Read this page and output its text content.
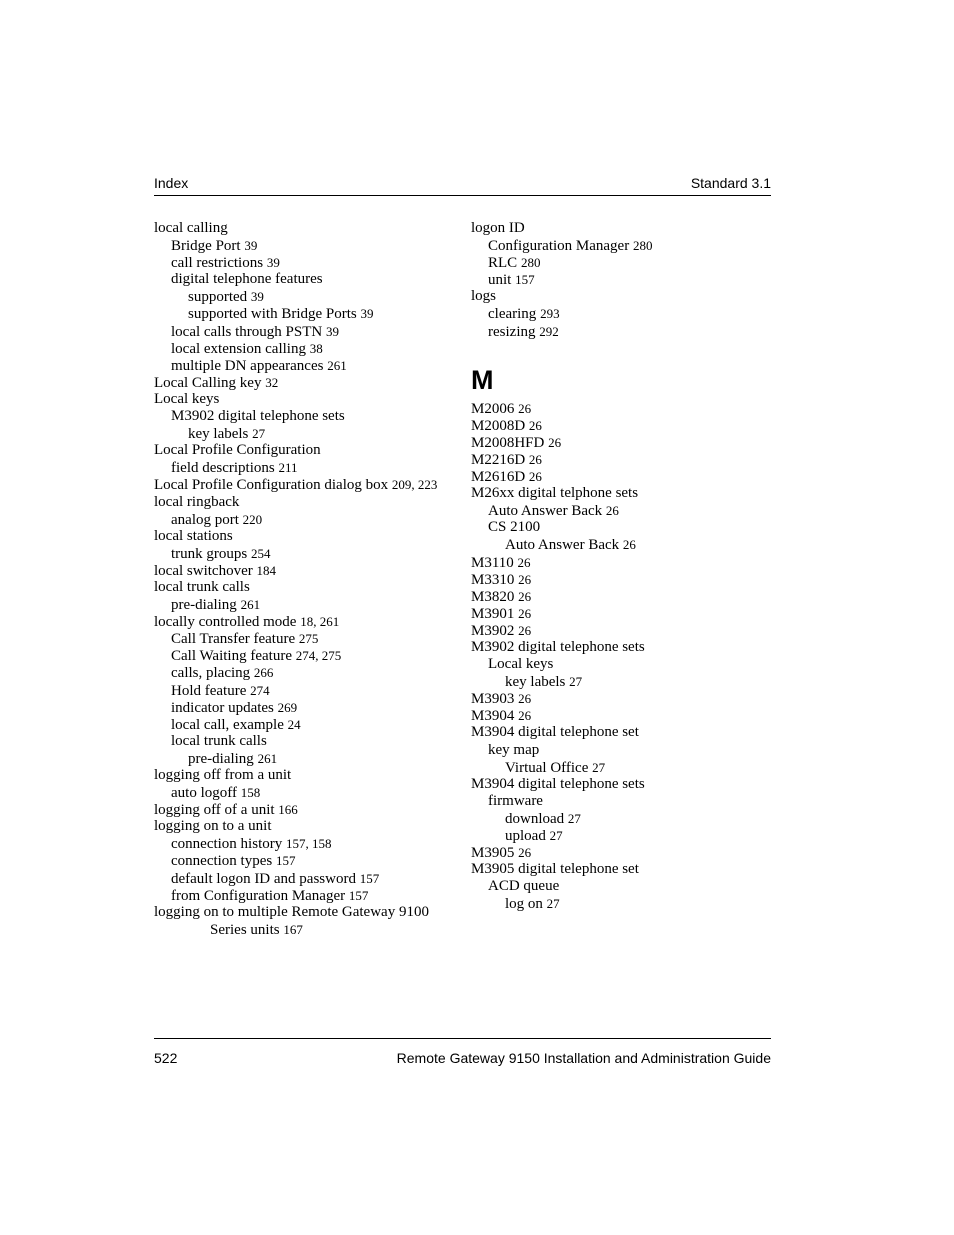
Index	Standard 3.1
local calling
Bridge Port 39
call restrictions 39
digital telephone features
supported 39
supported with Bridge Ports 39
local calls through PSTN 39
local extension calling 38
multiple DN appearances 261
Local Calling key 32
Local keys
M3902 digital telephone sets
key labels 27
Local Profile Configuration
field descriptions 211
Local Profile Configuration dialog box 209, 223
local ringback
analog port 220
local stations
trunk groups 254
local switchover 184
local trunk calls
pre-dialing 261
locally controlled mode 18, 261
Call Transfer feature 275
Call Waiting feature 274, 275
calls, placing 266
Hold feature 274
indicator updates 269
local call, example 24
local trunk calls
pre-dialing 261
logging off from a unit
auto logoff 158
logging off of a unit 166
logging on to a unit
connection history 157, 158
connection types 157
default logon ID and password 157
from Configuration Manager 157
logging on to multiple Remote Gateway 9100
Series units 167
logon ID
Configuration Manager 280
RLC 280
unit 157
logs
clearing 293
resizing 292
M
M2006 26
M2008D 26
M2008HFD 26
M2216D 26
M2616D 26
M26xx digital telphone sets
Auto Answer Back 26
CS 2100
Auto Answer Back 26
M3110 26
M3310 26
M3820 26
M3901 26
M3902 26
M3902 digital telephone sets
Local keys
key labels 27
M3903 26
M3904 26
M3904 digital telephone set
key map
Virtual Office 27
M3904 digital telephone sets
firmware
download 27
upload 27
M3905 26
M3905 digital telephone set
ACD queue
log on 27
522	Remote Gateway 9150 Installation and Administration Guide
